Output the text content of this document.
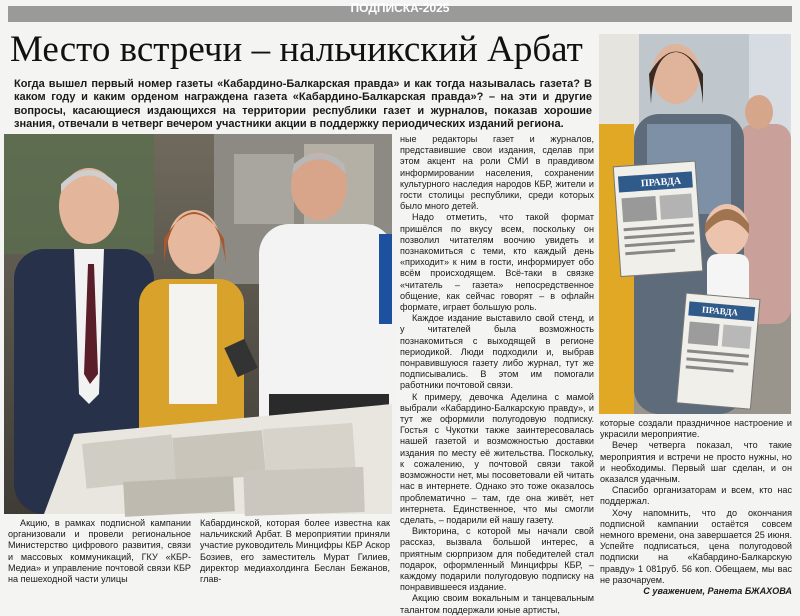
ПОДПИСКА-2025
Место встречи – нальчикский Арбат
Когда вышел первый номер газеты «Кабардино-Балкарская правда» и как тогда называлась газета? В каком году и каким орденом награждена газета «Кабардино-Балкарская правда»? – на эти и другие вопросы, касающиеся издающихся на территории республики газет и журналов, показав хорошие знания, отвечали в четверг вечером участники акции в поддержку периодических изданий региона.
ПРАВДА
ПРАВДА

Акцию, в рамках подписной кампании организовали и провели региональное Министерство цифрового развития, связи и массовых коммуникаций, ГКУ «КБР-Медиа» и управление почтовой связи КБР на пешеходной части улицы

Кабардинской, которая более известна как нальчикский Арбат. В мероприятии приняли участие руководитель Минцифры КБР Аскор Бозиев, его заместитель Мурат Гилиев, директор медиахолдинга Беслан Бежанов, глав-

ные редакторы газет и журналов, представившие свои издания, сделав при этом акцент на роли СМИ в правдивом информировании населения, сохранении культурного наследия народов КБР, жители и гости столицы республики, среди которых было много детей.

Надо отметить, что такой формат пришёлся по вкусу всем, поскольку он позволил читателям воочию увидеть и познакомиться с теми, кто каждый день «приходит» к ним в гости, информирует обо всём происходящем. Всё-таки в связке «читатель – газета» непосредственное общение, как сейчас говорят – в офлайн формате, играет большую роль.

Каждое издание выставило свой стенд, и у читателей была возможность познакомиться с выходящей в регионе периодикой. Люди подходили и, выбрав понравившуюся газету либо журнал, тут же подписывались. В этом им помогали работники почтовой связи.

К примеру, девочка Аделина с мамой выбрали «Кабардино-Балкарскую правду», и тут же оформили полугодовую подписку. Гостья с Чукотки также заинтересовалась нашей газетой и возможностью доставки издания по месту её жительства. Поскольку, к сожалению, у почтовой связи такой возможности нет, мы посоветовали ей читать нас в интернете. Однако это тоже оказалось проблематично – там, где она живёт, нет интернета. Единственное, что мы смогли сделать, – подарили ей нашу газету.

Викторина, с которой мы начали свой рассказ, вызвала большой интерес, а приятным сюрпризом для победителей стал подарок, оформленный Минцифры КБР, – каждому подарили полугодовую подписку на понравившееся издание.

Акцию своим вокальным и танцевальным талантом поддержали юные артисты,

которые создали праздничное настроение и украсили мероприятие.

Вечер четверга показал, что такие мероприятия и встречи не просто нужны, но и необходимы. Первый шаг сделан, и он оказался удачным.

Спасибо организаторам и всем, кто нас поддержал.

Хочу напомнить, что до окончания подписной кампании остаётся совсем немного времени, она завершается 25 июня. Успейте подписаться, цена полугодовой подписки на «Кабардино-Балкарскую правду» 1 081руб. 56 коп. Обещаем, мы вас не разочаруем.

С уважением, Ранета БЖАХОВА
